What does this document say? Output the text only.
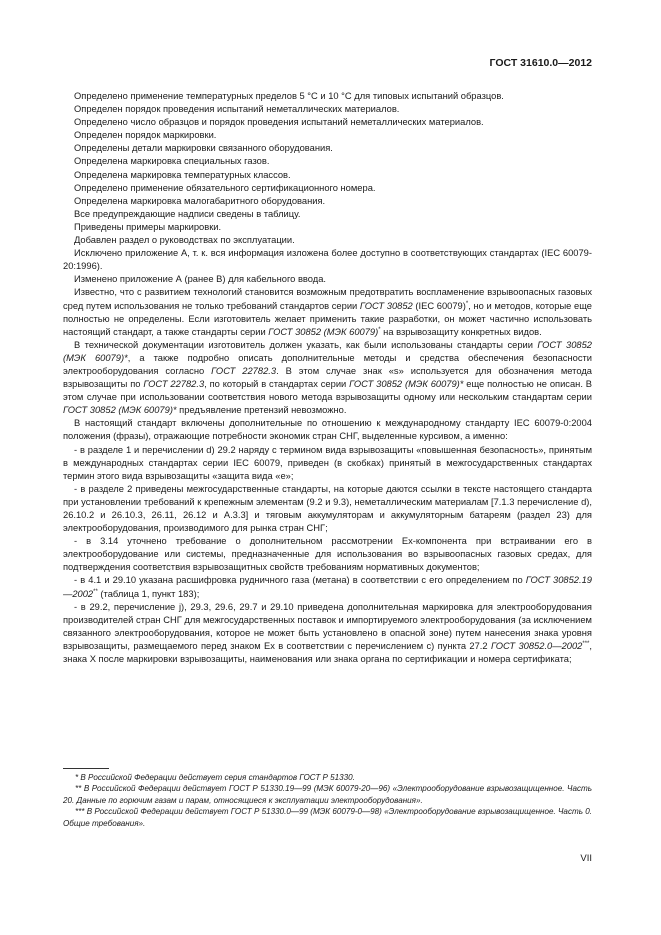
ГОСТ 31610.0—2012

Определено применение температурных пределов 5 °С и 10 °С для типовых испытаний образцов.

Определен порядок проведения испытаний неметаллических материалов.

Определено число образцов и порядок проведения испытаний неметаллических материалов.

Определен порядок маркировки.

Определены детали маркировки связанного оборудования.

Определена маркировка специальных газов.

Определена маркировка температурных классов.

Определено применение обязательного сертификационного номера.

Определена маркировка малогабаритного оборудования.

Все предупреждающие надписи сведены в таблицу.

Приведены примеры маркировки.

Добавлен раздел о руководствах по эксплуатации.

Исключено приложение А, т. к. вся информация изложена более доступно в соответствующих стандартах (IEC 60079-20:1996).

Изменено приложение А (ранее В) для кабельного ввода.

Известно, что с развитием технологий становится возможным предотвратить воспламенение взрывоопасных газовых сред путем использования не только требований стандартов серии ГОСТ 30852 (IEC 60079)*, но и методов, которые еще полностью не определены. Если изготовитель желает применить такие разработки, он может частично использовать настоящий стандарт, а также стандарты серии ГОСТ 30852 (МЭК 60079)* на взрывозащиту конкретных видов.

В технической документации изготовитель должен указать, как были использованы стандарты серии ГОСТ 30852 (МЭК 60079)*, а также подробно описать дополнительные методы и средства обеспечения безопасности электрооборудования согласно ГОСТ 22782.3. В этом случае знак «s» используется для обозначения метода взрывозащиты по ГОСТ 22782.3, по который в стандартах серии ГОСТ 30852 (МЭК 60079)* еще полностью не описан. В этом случае при использовании соответствия нового метода взрывозащиты одному или нескольким стандартам серии ГОСТ 30852 (МЭК 60079)* предъявление претензий невозможно.

В настоящий стандарт включены дополнительные по отношению к международному стандарту IEC 60079-0:2004 положения (фразы), отражающие потребности экономик стран СНГ, выделенные курсивом, а именно:

- в разделе 1 и перечислении d) 29.2 наряду с термином вида взрывозащиты «повышенная безопасность», принятым в международных стандартах серии IEC 60079, приведен (в скобках) принятый в межгосударственных стандартах термин этого вида взрывозащиты «защита вида «е»;

- в разделе 2 приведены межгосударственные стандарты, на которые даются ссылки в тексте настоящего стандарта при установлении требований к крепежным элементам (9.2 и 9.3), неметаллическим материалам [7.1.3 перечисление d), 26.10.2 и 26.10.3, 26.11, 26.12 и А.3.3] и тяговым аккумуляторам и аккумуляторным батареям (раздел 23) для электрооборудования, производимого для рынка стран СНГ;

- в 3.14 уточнено требование о дополнительном рассмотрении Ex-компонента при встраивании его в электрооборудование или системы, предназначенные для использования во взрывоопасных газовых средах, для подтверждения соответствия взрывозащитных свойств требованиям нормативных документов;

- в 4.1 и 29.10 указана расшифровка рудничного газа (метана) в соответствии с его определением по ГОСТ 30852.19—2002** (таблица 1, пункт 183);

- в 29.2, перечисление j), 29.3, 29.6, 29.7 и 29.10 приведена дополнительная маркировка для электрооборудования производителей стран СНГ для межгосударственных поставок и импортируемого электрооборудования (за исключением связанного электрооборудования, которое не может быть установлено в опасной зоне) путем нанесения знака уровня взрывозащиты, размещаемого перед знаком Ex в соответствии с перечислением с) пункта 27.2 ГОСТ 30852.0—2002***, знака X после маркировки взрывозащиты, наименования или знака органа по сертификации и номера сертификата;

* В Российской Федерации действует серия стандартов ГОСТ Р 51330.

** В Российской Федерации действует ГОСТ Р 51330.19—99 (МЭК 60079-20—96) «Электрооборудование взрывозащищенное. Часть 20. Данные по горючим газам и парам, относящиеся к эксплуатации электрооборудования».

*** В Российской Федерации действует ГОСТ Р 51330.0—99 (МЭК 60079-0—98) «Электрооборудование взрывозащищенное. Часть 0. Общие требования».

VII
